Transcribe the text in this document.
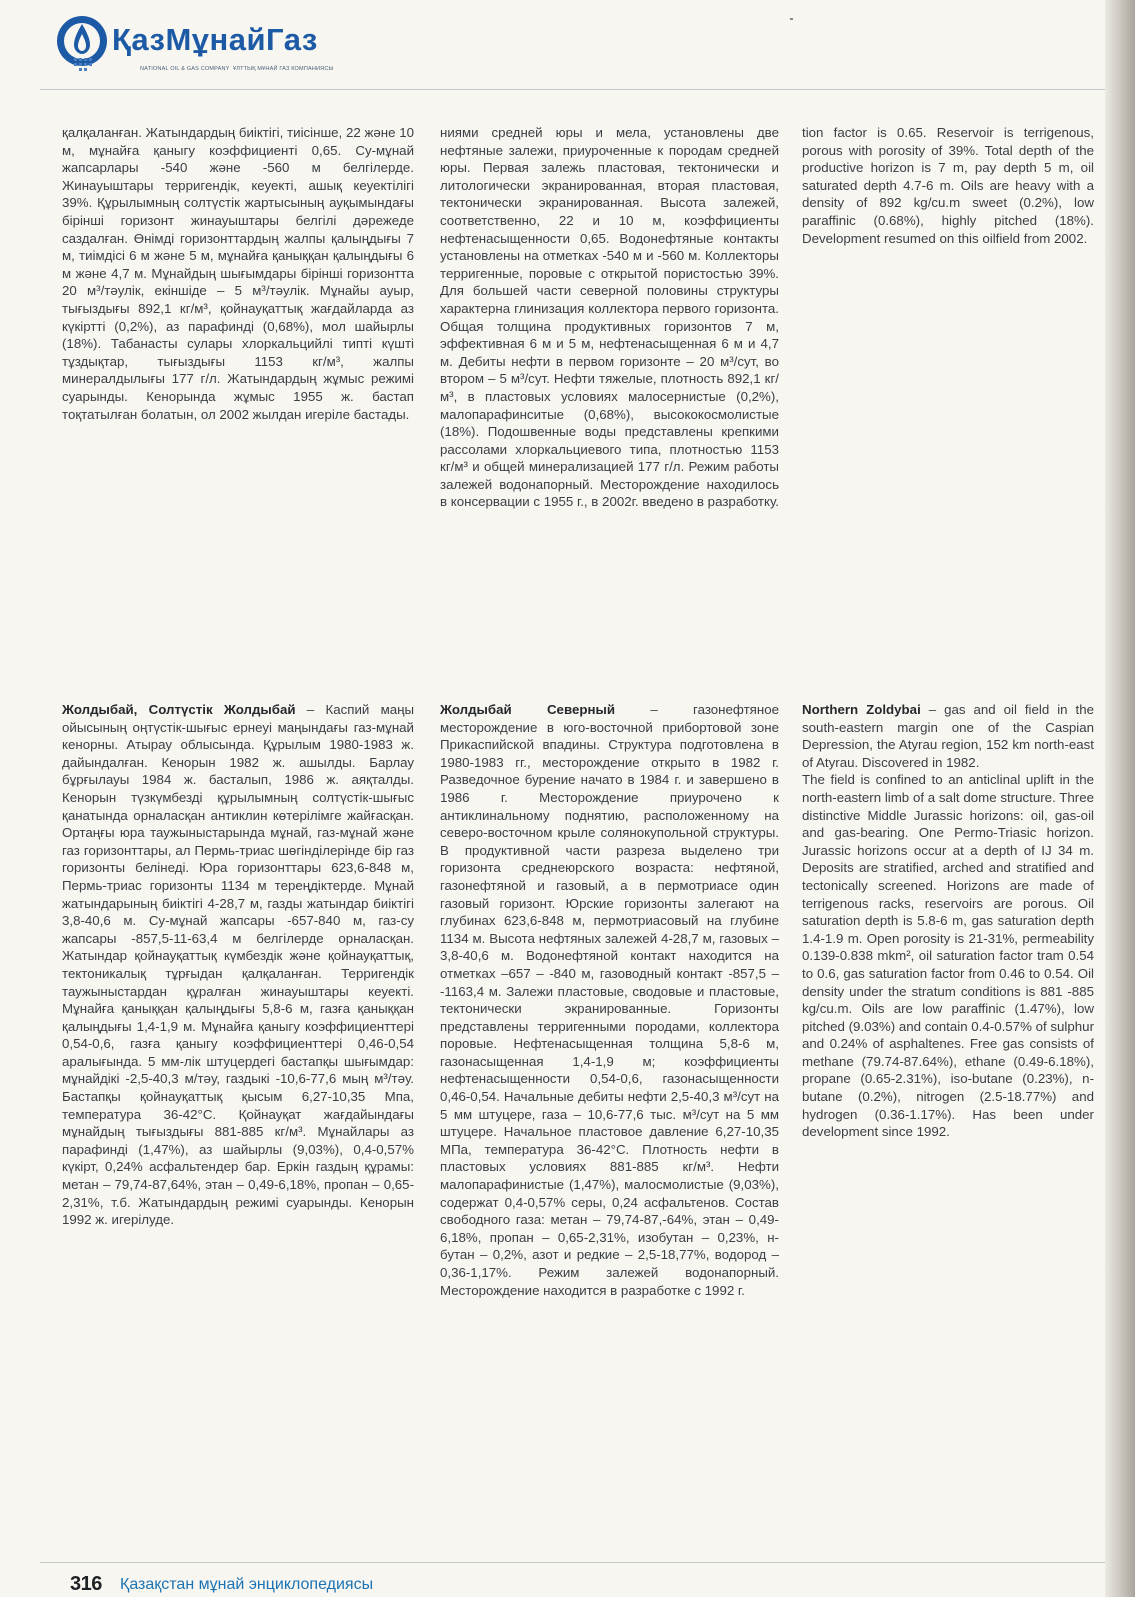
ҚазМұнайГаз
NATIONAL OIL & GAS COMPANY ҰЛТТЫҚ МҰНАЙ ГАЗ КОМПАНИЯСЫ

қалқаланған. Жатындардың биіктігі, тиісінше, 22 және 10 м, мұнайға қаныгу коэффициенті 0,65. Су-мұнай жапсарлары -540 және -560 м белгілерде. Жинауыштары терригендік, кеуекті, ашық кеуектілігі 39%. Құрылымның солтүстік жартысының ауқымындағы бірінші горизонт жинауыштары белгілі дәрежеде саздалған. Өнімді горизонттардың жалпы қалыңдығы 7 м, тиімдісі 6 м және 5 м, мұнайға қаныққан қалыңдығы 6 м және 4,7 м. Мұнайдың шығымдары бірінші горизонтта 20 м³/тәулік, екіншіде – 5 м³/тәулік. Мұнайы ауыр, тығыздығы 892,1 кг/м³, қойнауқаттық жағдайларда аз күкіртті (0,2%), аз парафинді (0,68%), мол шайырлы (18%). Табанасты сулары хлоркальцийлі типті күшті тұздықтар, тығыздығы 1153 кг/м³, жалпы минералдылығы 177 г/л. Жатындардың жұмыс режимі суарынды. Кенорында жұмыс 1955 ж. бастап тоқтатылған болатын, ол 2002 жылдан игеріле бастады.

ниями средней юры и мела, установлены две нефтяные залежи, приуроченные к породам средней юры. Первая залежь пластовая, тектонически и литологически экранированная, вторая пластовая, тектонически экранированная. Высота залежей, соответственно, 22 и 10 м, коэффициенты нефтенасыщенности 0,65. Водонефтяные контакты установлены на отметках -540 м и -560 м. Коллекторы терригенные, поровые с открытой пористостью 39%. Для большей части северной половины структуры характерна глинизация коллектора первого горизонта. Общая толщина продуктивных горизонтов 7 м, эффективная 6 м и 5 м, нефтенасыщенная 6 м и 4,7 м. Дебиты нефти в первом горизонте – 20 м³/сут, во втором – 5 м³/сут. Нефти тяжелые, плотность 892,1 кг/м³, в пластовых условиях малосернистые (0,2%), малопарафинситые (0,68%), высококосмолистые (18%). Подошвенные воды представлены крепкими рассолами хлоркальциевого типа, плотностью 1153 кг/м³ и общей минерализацией 177 г/л. Режим работы залежей водонапорный. Месторождение находилось в консервации с 1955 г., в 2002г. введено в разработку.

tion factor is 0.65. Reservoir is terrigenous, porous with porosity of 39%. Total depth of the productive horizon is 7 m, pay depth 5 m, oil saturated depth 4.7-6 m. Oils are heavy with a density of 892 kg/cu.m sweet (0.2%), low paraffinic (0.68%), highly pitched (18%). Development resumed on this oilfield from 2002.

Жолдыбай, Солтүстік Жолдыбай – Каспий маңы ойысының оңтүстік-шығыс ернеуі маңындағы газ-мұнай кенорны. Атырау облысында. Құрылым 1980-1983 ж. дайындалған. Кенорын 1982 ж. ашылды. Барлау бұрғылауы 1984 ж. басталып, 1986 ж. аяқталды. Кенорын түзкүмбезді құрылымның солтүстік-шығыс қанатында орналасқан антиклин көтерілімге жайғасқан. Ортаңғы юра таужыныстарында мұнай, газ-мұнай және газ горизонттары, ал Пермь-триас шөгінділерінде бір газ горизонты белінеді. Юра горизонттары 623,6-848 м, Пермь-триас горизонты 1134 м тереңдіктерде. Мұнай жатындарының биіктігі 4-28,7 м, газды жатындар биіктігі 3,8-40,6 м. Су-мұнай жапсары -657-840 м, газ-су жапсары -857,5-11-63,4 м белгілерде орналасқан. Жатындар қойнауқаттық күмбездік және қойнауқаттық, тектоникалық тұрғыдан қалқаланған. Терригендік таужыныстардан құралған жинауыштары кеуекті. Мұнайға қаныққан қалыңдығы 5,8-6 м, газға қаныққан қалыңдығы 1,4-1,9 м. Мұнайға қаныгу коэффициенттері 0,54-0,6, газға қаныгу коэффициенттері 0,46-0,54 аралығында. 5 мм-лік штуцердегі бастапқы шығымдар: мұнайдікі -2,5-40,3 м/тәу, газдыкі -10,6-77,6 мың м³/тәу. Бастапқы қойнауқаттық қысым 6,27-10,35 Мпа, температура 36-42°С. Қойнауқат жағдайындағы мұнайдың тығыздығы 881-885 кг/м³. Мұнайлары аз парафинді (1,47%), аз шайырлы (9,03%), 0,4-0,57% күкірт, 0,24% асфальтендер бар. Еркін газдың құрамы: метан – 79,74-87,64%, этан – 0,49-6,18%, пропан – 0,65-2,31%, т.б. Жатындардың режимі суарынды. Кенорын 1992 ж. игерілуде.

Жолдыбай Северный – газонефтяное месторождение в юго-восточной прибортовой зоне Прикаспийской впадины. Структура подготовлена в 1980-1983 гг., месторождение открыто в 1982 г. Разведочное бурение начато в 1984 г. и завершено в 1986 г. Месторождение приурочено к антиклинальному поднятию, расположенному на северо-восточном крыле солянокупольной структуры. В продуктивной части разреза выделено три горизонта среднеюрского возраста: нефтяной, газонефтяной и газовый, а в пермотриасе один газовый горизонт. Юрские горизонты залегают на глубинах 623,6-848 м, пермотриасовый на глубине 1134 м. Высота нефтяных залежей 4-28,7 м, газовых – 3,8-40,6 м. Водонефтяной контакт находится на отметках –657 – -840 м, газоводный контакт -857,5 – -1163,4 м. Залежи пластовые, сводовые и пластовые, тектонически экранированные. Горизонты представлены терригенными породами, коллектора поровые. Нефтенасыщенная толщина 5,8-6 м, газонасыщенная 1,4-1,9 м; коэффициенты нефтенасыщенности 0,54-0,6, газонасыщенности 0,46-0,54. Начальные дебиты нефти 2,5-40,3 м³/сут на 5 мм штуцере, газа – 10,6-77,6 тыс. м³/сут на 5 мм штуцере. Начальное пластовое давление 6,27-10,35 МПа, температура 36-42°С. Плотность нефти в пластовых условиях 881-885 кг/м³. Нефти малопарафинистые (1,47%), малосмолистые (9,03%), содержат 0,4-0,57% серы, 0,24 асфальтенов. Состав свободного газа: метан – 79,74-87,-64%, этан – 0,49-6,18%, пропан – 0,65-2,31%, изобутан – 0,23%, н-бутан – 0,2%, азот и редкие – 2,5-18,77%, водород – 0,36-1,17%. Режим залежей водонапорный. Месторождение находится в разработке с 1992 г.

Northern Zoldybai – gas and oil field in the south-eastern margin one of the Caspian Depression, the Atyrau region, 152 km north-east of Atyrau. Discovered in 1982.

The field is confined to an anticlinal uplift in the north-eastern limb of a salt dome structure. Three distinctive Middle Jurassic horizons: oil, gas-oil and gas-bearing. One Permo-Triasic horizon. Jurassic horizons occur at a depth of IJ 34 m. Deposits are stratified, arched and stratified and tectonically screened. Horizons are made of terrigenous racks, reservoirs are porous. Oil saturation depth is 5.8-6 m, gas saturation depth 1.4-1.9 m. Open porosity is 21-31%, permeability 0.139-0.838 mkm², oil saturation factor tram 0.54 to 0.6, gas saturation factor from 0.46 to 0.54. Oil density under the stratum conditions is 881 -885 kg/cu.m. Oils are low paraffinic (1.47%), low pitched (9.03%) and contain 0.4-0.57% of sulphur and 0.24% of asphaltenes. Free gas consists of methane (79.74-87.64%), ethane (0.49-6.18%), propane (0.65-2.31%), iso-butane (0.23%), n-butane (0.2%), nitrogen (2.5-18.77%) and hydrogen (0.36-1.17%). Has been under development since 1992.

316 Қазақстан мұнай энциклопедиясы
